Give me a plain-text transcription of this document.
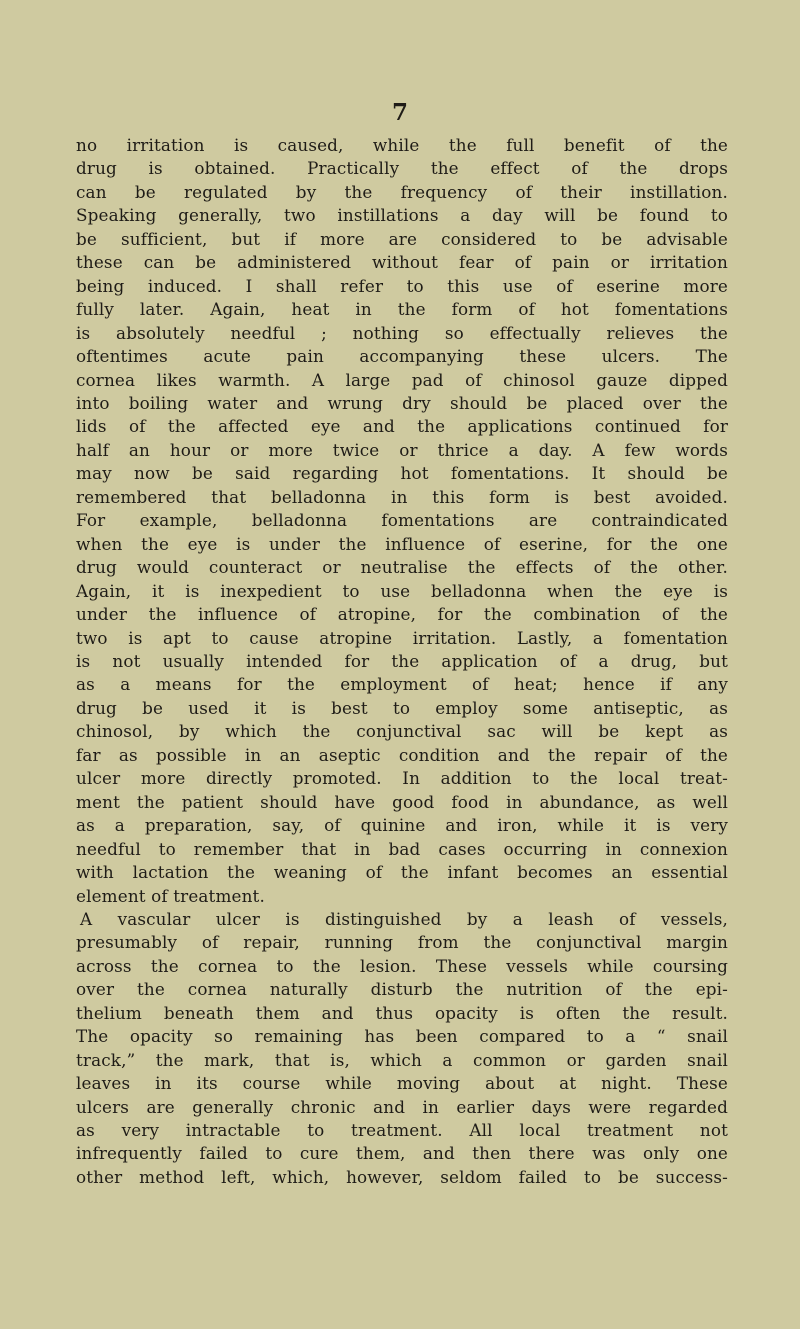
7
no irritation is caused, while the full benefit of the
drug is obtained. Practically the effect of the drops
can be regulated by the frequency of their instillation.
Speaking generally, two instillations a day will be found to
be sufficient, but if more are considered to be advisable
these can be administered without fear of pain or irritation
being induced. I shall refer to this use of eserine more
fully later. Again, heat in the form of hot fomentations
is absolutely needful ; nothing so effectually relieves the
oftentimes acute pain accompanying these ulcers. The
cornea likes warmth. A large pad of chinosol gauze dipped
into boiling water and wrung dry should be placed over the
lids of the affected eye and the applications continued for
half an hour or more twice or thrice a day. A few words
may now be said regarding hot fomentations. It should be
remembered that belladonna in this form is best avoided.
For example, belladonna fomentations are contraindicated
when the eye is under the influence of eserine, for the one
drug would counteract or neutralise the effects of the other.
Again, it is inexpedient to use belladonna when the eye is
under the influence of atropine, for the combination of the
two is apt to cause atropine irritation. Lastly, a fomentation
is not usually intended for the application of a drug, but
as a means for the employment of heat; hence if any
drug be used it is best to employ some antiseptic, as
chinosol, by which the conjunctival sac will be kept as
far as possible in an aseptic condition and the repair of the
ulcer more directly promoted. In addition to the local treat-
ment the patient should have good food in abundance, as well
as a preparation, say, of quinine and iron, while it is very
needful to remember that in bad cases occurring in connexion
with lactation the weaning of the infant becomes an essential
element of treatment.
A vascular ulcer is distinguished by a leash of vessels,
presumably of repair, running from the conjunctival margin
across the cornea to the lesion. These vessels while coursing
over the cornea naturally disturb the nutrition of the epi-
thelium beneath them and thus opacity is often the result.
The opacity so remaining has been compared to a “ snail
track,” the mark, that is, which a common or garden snail
leaves in its course while moving about at night. These
ulcers are generally chronic and in earlier days were regarded
as very intractable to treatment. All local treatment not
infrequently failed to cure them, and then there was only one
other method left, which, however, seldom failed to be success-
